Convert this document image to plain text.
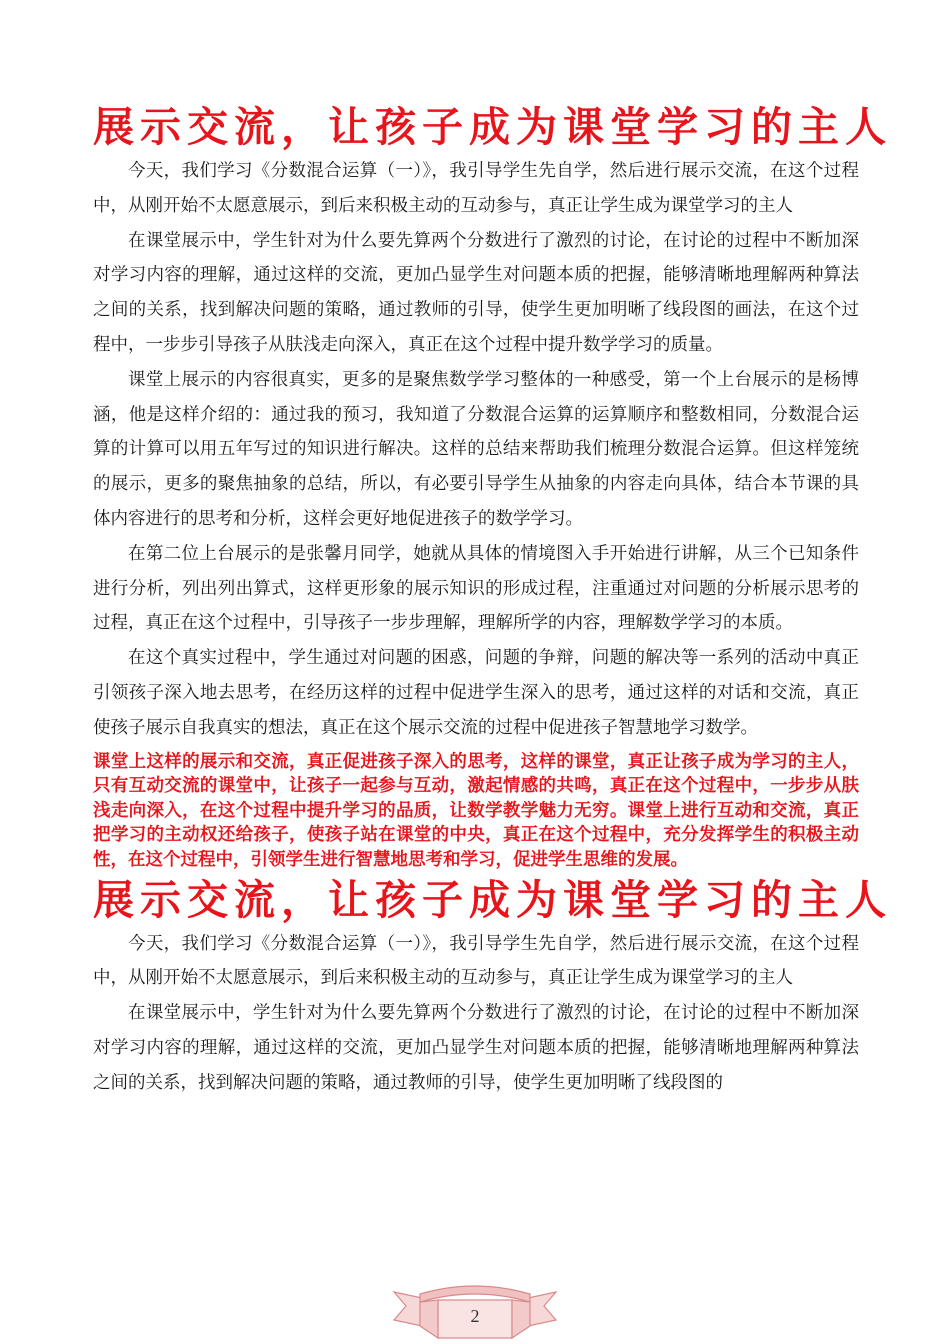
展示交流，让孩子成为课堂学习的主人

今天，我们学习《分数混合运算（一）》，我引导学生先自学，然后进行展示交流，在这个过程中，从刚开始不太愿意展示，到后来积极主动的互动参与，真正让学生成为课堂学习的主人

在课堂展示中，学生针对为什么要先算两个分数进行了激烈的讨论，在讨论的过程中不断加深对学习内容的理解，通过这样的交流，更加凸显学生对问题本质的把握，能够清晰地理解两种算法之间的关系，找到解决问题的策略，通过教师的引导，使学生更加明晰了线段图的画法，在这个过程中，一步步引导孩子从肤浅走向深入，真正在这个过程中提升数学学习的质量。

课堂上展示的内容很真实，更多的是聚焦数学学习整体的一种感受，第一个上台展示的是杨博涵，他是这样介绍的：通过我的预习，我知道了分数混合运算的运算顺序和整数相同，分数混合运算的计算可以用五年写过的知识进行解决。这样的总结来帮助我们梳理分数混合运算。但这样笼统的展示，更多的聚焦抽象的总结，所以，有必要引导学生从抽象的内容走向具体，结合本节课的具体内容进行的思考和分析，这样会更好地促进孩子的数学学习。

在第二位上台展示的是张馨月同学，她就从具体的情境图入手开始进行讲解，从三个已知条件进行分析，列出列出算式，这样更形象的展示知识的形成过程，注重通过对问题的分析展示思考的过程，真正在这个过程中，引导孩子一步步理解，理解所学的内容，理解数学学习的本质。

在这个真实过程中，学生通过对问题的困惑，问题的争辩，问题的解决等一系列的活动中真正引领孩子深入地去思考，在经历这样的过程中促进学生深入的思考，通过这样的对话和交流，真正使孩子展示自我真实的想法，真正在这个展示交流的过程中促进孩子智慧地学习数学。

课堂上这样的展示和交流，真正促进孩子深入的思考，这样的课堂，真正让孩子成为学习的主人，只有互动交流的课堂中，让孩子一起参与互动，激起情感的共鸣，真正在这个过程中，一步步从肤浅走向深入，在这个过程中提升学习的品质，让数学教学魅力无穷。课堂上进行互动和交流，真正把学习的主动权还给孩子，使孩子站在课堂的中央，真正在这个过程中，充分发挥学生的积极主动性，在这个过程中，引领学生进行智慧地思考和学习，促进学生思维的发展。

展示交流，让孩子成为课堂学习的主人

今天，我们学习《分数混合运算（一）》，我引导学生先自学，然后进行展示交流，在这个过程中，从刚开始不太愿意展示，到后来积极主动的互动参与，真正让学生成为课堂学习的主人

在课堂展示中，学生针对为什么要先算两个分数进行了激烈的讨论，在讨论的过程中不断加深对学习内容的理解，通过这样的交流，更加凸显学生对问题本质的把握，能够清晰地理解两种算法之间的关系，找到解决问题的策略，通过教师的引导，使学生更加明晰了线段图的

2
